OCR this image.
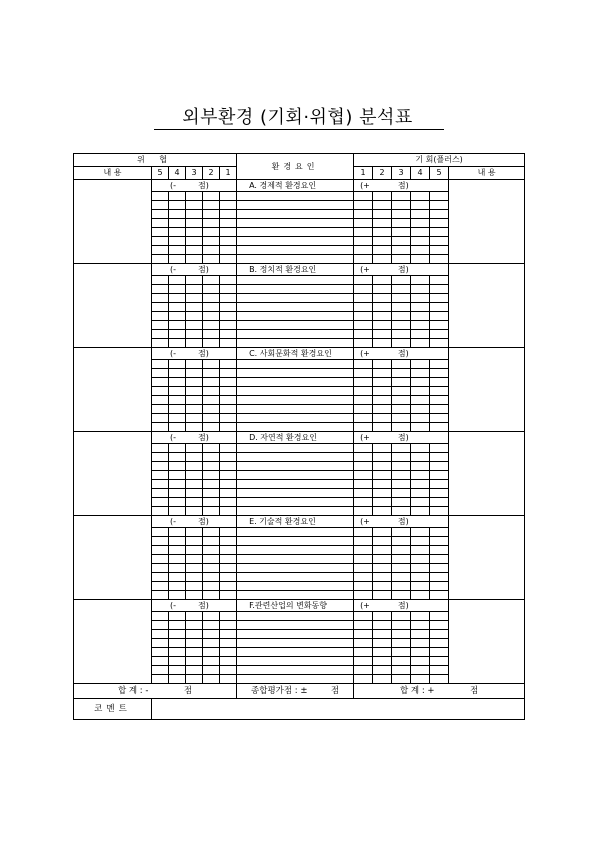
외부환경 (기회·위협) 분석표
위 협						환경요인	기 회(플러스)					
내 용	5	4	3	2	1		1	2	3	4	5	내 용
	(- 점)					A. 경제적 환경요인	(+ 점)					

	(- 점)					B. 정치적 환경요인	(+ 점)					

	(- 점)					C. 사회문화적 환경요인	(+ 점)					

	(- 점)					D. 자연적 환경요인	(+ 점)					

	(- 점)					E. 기술적 환경요인	(+ 점)					

	(- 점)					F.관련산업의 변화동향	(+ 점)					

합 계 : - 점						종합평가점 : ± 점	합 계 : + 점					
코멘트												
